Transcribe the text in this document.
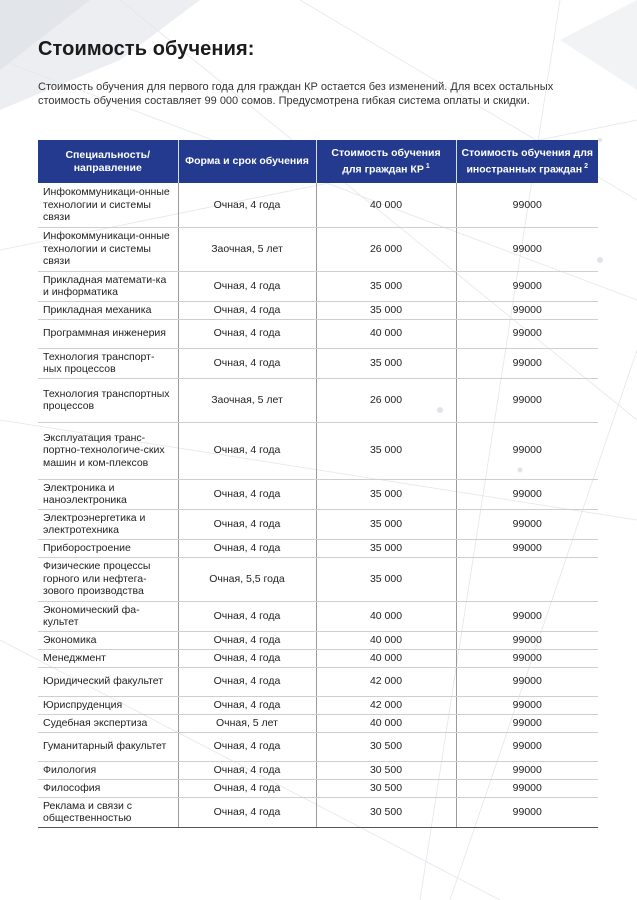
Стоимость обучения:

Стоимость обучения для первого года для граждан КР остается без изменений. Для всех остальных стоимость обучения составляет 99 000 сомов. Предусмотрена гибкая система оплаты и скидки.

Специальность/ направление	Форма и срок обучения	Стоимость обучения для граждан КР $^1$	Стоимость обучения для иностранных граждан $^2$
Инфокоммуникаци-онные технологии и системы связи	Очная, 4 года	40 000	99000
Инфокоммуникаци-онные технологии и системы связи	Заочная, 5 лет	26 000	99000
Прикладная математи-ка и информатика	Очная, 4 года	35 000	99000
Прикладная механика	Очная, 4 года	35 000	99000
Программная инженерия	Очная, 4 года	40 000	99000
Технология транспорт-ных процессов	Очная, 4 года	35 000	99000
Технология транспортных процессов	Заочная, 5 лет	26 000	99000
Эксплуатация транс-портно-технологиче-ских машин и ком-плексов	Очная, 4 года	35 000	99000
Электроника и наноэлектроника	Очная, 4 года	35 000	99000
Электроэнергетика и электротехника	Очная, 4 года	35 000	99000
Приборостроение	Очная, 4 года	35 000	99000
Физические процессы горного или нефтега-зового производства	Очная, 5,5 года	35 000	
Экономический фа-культет	Очная, 4 года	40 000	99000
Экономика	Очная, 4 года	40 000	99000
Менеджмент	Очная, 4 года	40 000	99000
Юридический факультет	Очная, 4 года	42 000	99000
Юриспруденция	Очная, 4 года	42 000	99000
Судебная экспертиза	Очная, 5 лет	40 000	99000
Гуманитарный факультет	Очная, 4 года	30 500	99000
Филология	Очная, 4 года	30 500	99000
Философия	Очная, 4 года	30 500	99000
Реклама и связи с общественностью	Очная, 4 года	30 500	99000
